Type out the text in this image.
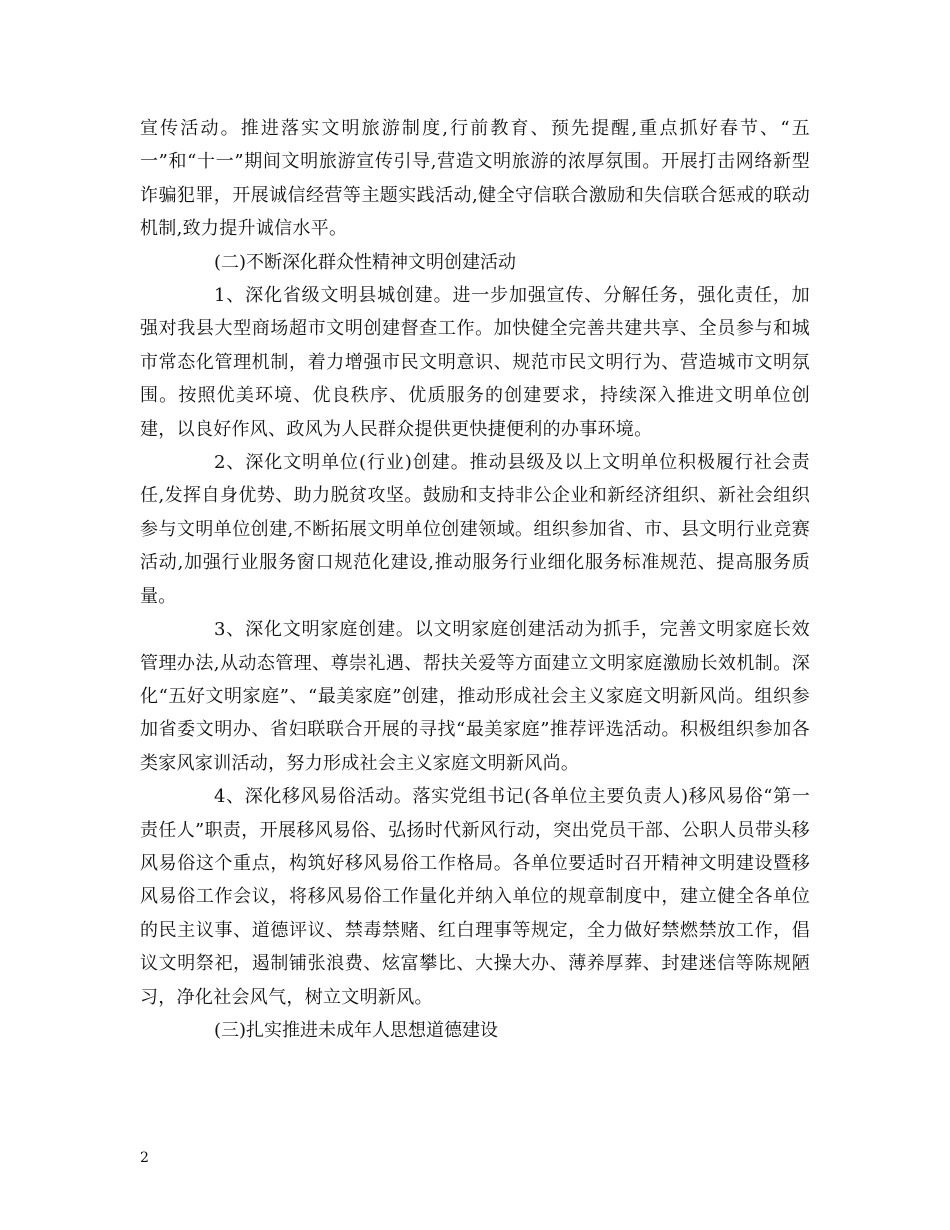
宣传活动。推进落实文明旅游制度,行前教育、预先提醒,重点抓好春节、“五一”和“十一”期间文明旅游宣传引导,营造文明旅游的浓厚氛围。开展打击网络新型诈骗犯罪，开展诚信经营等主题实践活动,健全守信联合激励和失信联合惩戒的联动机制,致力提升诚信水平。

(二)不断深化群众性精神文明创建活动

1、深化省级文明县城创建。进一步加强宣传、分解任务，强化责任，加强对我县大型商场超市文明创建督查工作。加快健全完善共建共享、全员参与和城市常态化管理机制，着力增强市民文明意识、规范市民文明行为、营造城市文明氛围。按照优美环境、优良秩序、优质服务的创建要求，持续深入推进文明单位创建，以良好作风、政风为人民群众提供更快捷便利的办事环境。

2、深化文明单位(行业)创建。推动县级及以上文明单位积极履行社会责任,发挥自身优势、助力脱贫攻坚。鼓励和支持非公企业和新经济组织、新社会组织参与文明单位创建,不断拓展文明单位创建领域。组织参加省、市、县文明行业竞赛活动,加强行业服务窗口规范化建设,推动服务行业细化服务标准规范、提高服务质量。

3、深化文明家庭创建。以文明家庭创建活动为抓手，完善文明家庭长效管理办法,从动态管理、尊崇礼遇、帮扶关爱等方面建立文明家庭激励长效机制。深化“五好文明家庭”、“最美家庭”创建，推动形成社会主义家庭文明新风尚。组织参加省委文明办、省妇联联合开展的寻找“最美家庭”推荐评选活动。积极组织参加各类家风家训活动，努力形成社会主义家庭文明新风尚。

4、深化移风易俗活动。落实党组书记(各单位主要负责人)移风易俗“第一责任人”职责，开展移风易俗、弘扬时代新风行动，突出党员干部、公职人员带头移风易俗这个重点，构筑好移风易俗工作格局。各单位要适时召开精神文明建设暨移风易俗工作会议，将移风易俗工作量化并纳入单位的规章制度中，建立健全各单位的民主议事、道德评议、禁毒禁赌、红白理事等规定，全力做好禁燃禁放工作，倡议文明祭祀，遏制铺张浪费、炫富攀比、大操大办、薄养厚葬、封建迷信等陈规陋习，净化社会风气，树立文明新风。

(三)扎实推进未成年人思想道德建设

2
